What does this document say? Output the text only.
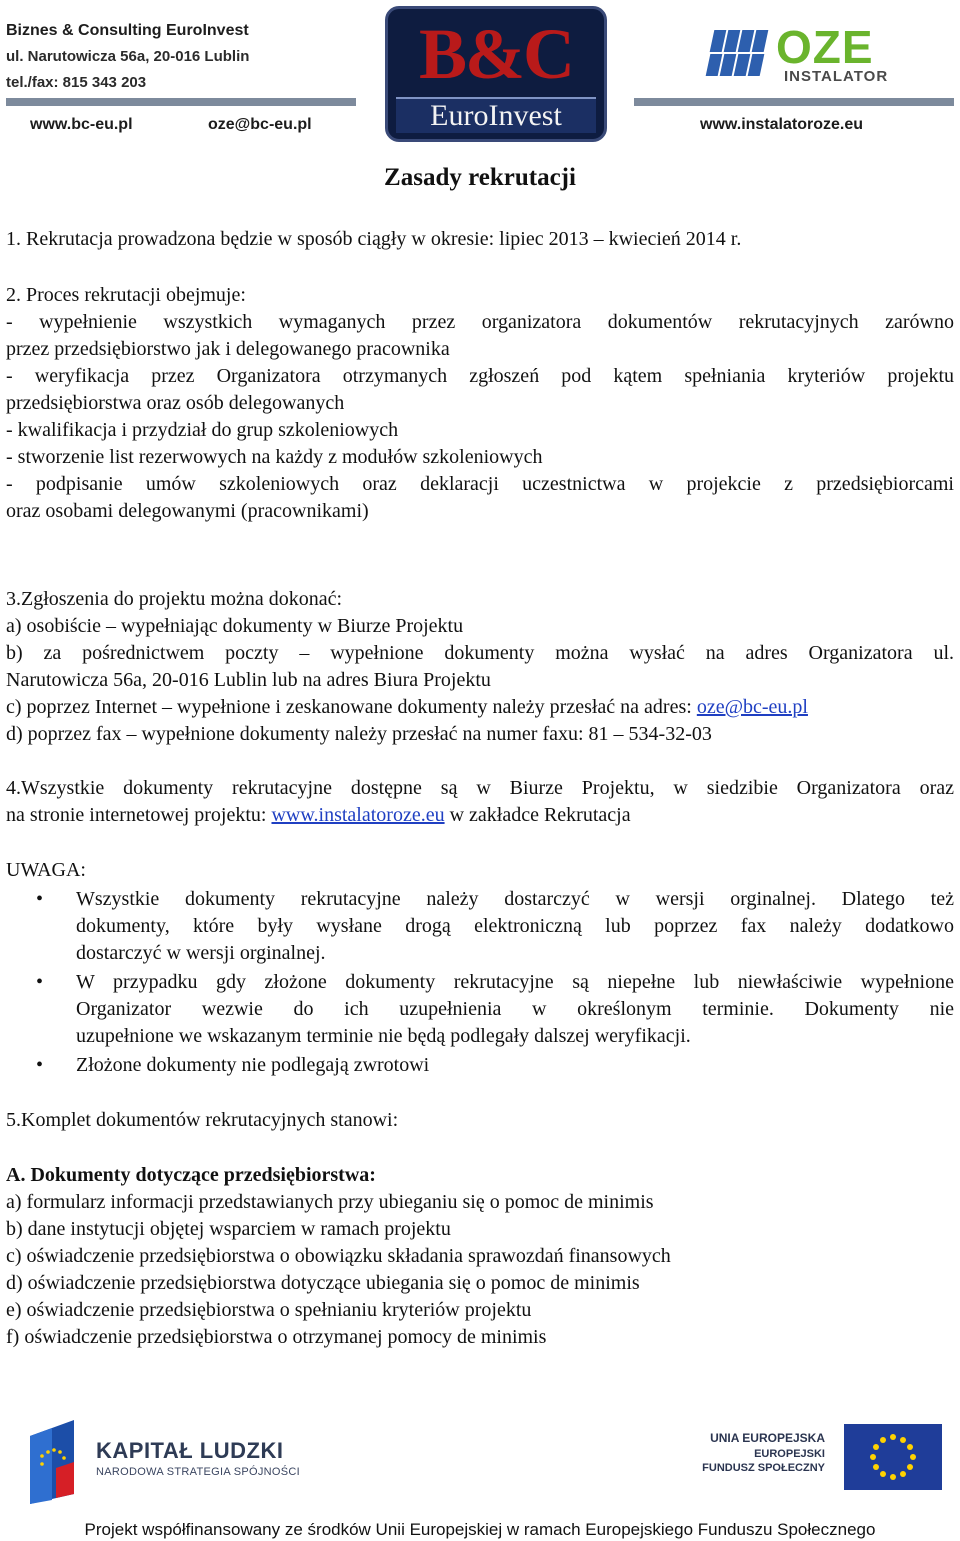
Biznes & Consulting EuroInvest
ul. Narutowicza 56a, 20-016 Lublin
tel./fax: 815 343 203
www.bc-eu.pl	oze@bc-eu.pl	www.instalatoroze.eu
B&C
EuroInvest
OZE
INSTALATOR
Zasady rekrutacji
1. Rekrutacja prowadzona będzie w sposób ciągły w okresie: lipiec 2013 – kwiecień 2014 r.
2. Proces rekrutacji obejmuje:
- wypełnienie wszystkich wymaganych przez organizatora dokumentów rekrutacyjnych zarówno
przez przedsiębiorstwo jak i delegowanego pracownika
- weryfikacja przez Organizatora otrzymanych zgłoszeń pod kątem spełniania kryteriów projektu
przedsiębiorstwa oraz osób delegowanych
- kwalifikacja i przydział do grup szkoleniowych
- stworzenie list rezerwowych na każdy z modułów szkoleniowych
- podpisanie umów szkoleniowych oraz deklaracji uczestnictwa w projekcie z przedsiębiorcami
oraz osobami delegowanymi (pracownikami)
3.Zgłoszenia do projektu można dokonać:
a) osobiście – wypełniając dokumenty w Biurze Projektu
b) za pośrednictwem poczty – wypełnione dokumenty można wysłać na adres Organizatora ul.
Narutowicza 56a, 20-016 Lublin lub na adres Biura Projektu
c) poprzez Internet – wypełnione i zeskanowane dokumenty należy przesłać na adres: oze@bc-eu.pl
d) poprzez fax – wypełnione dokumenty należy przesłać na numer faxu: 81 – 534-32-03
4.Wszystkie dokumenty rekrutacyjne dostępne są w Biurze Projektu, w siedzibie Organizatora oraz
na stronie internetowej projektu: www.instalatoroze.eu w zakładce Rekrutacja
UWAGA:
• Wszystkie dokumenty rekrutacyjne należy dostarczyć w wersji orginalnej. Dlatego też
dokumenty, które były wysłane drogą elektroniczną lub poprzez fax należy dodatkowo
dostarczyć w wersji orginalnej.
• W przypadku gdy złożone dokumenty rekrutacyjne są niepełne lub niewłaściwie wypełnione
Organizator wezwie do ich uzupełnienia w określonym terminie. Dokumenty nie
uzupełnione we wskazanym terminie nie będą podlegały dalszej weryfikacji.
• Złożone dokumenty nie podlegają zwrotowi
5.Komplet dokumentów rekrutacyjnych stanowi:
A. Dokumenty dotyczące przedsiębiorstwa:
a) formularz informacji przedstawianych przy ubieganiu się o pomoc de minimis
b) dane instytucji objętej wsparciem w ramach projektu
c) oświadczenie przedsiębiorstwa o obowiązku składania sprawozdań finansowych
d) oświadczenie przedsiębiorstwa dotyczące ubiegania się o pomoc de minimis
e) oświadczenie przedsiębiorstwa o spełnianiu kryteriów projektu
f) oświadczenie przedsiębiorstwa o otrzymanej pomocy de minimis
KAPITAŁ LUDZKI
NARODOWA STRATEGIA SPÓJNOŚCI
UNIA EUROPEJSKA
EUROPEJSKI
FUNDUSZ SPOŁECZNY
Projekt współfinansowany ze środków Unii Europejskiej w ramach Europejskiego Funduszu Społecznego
